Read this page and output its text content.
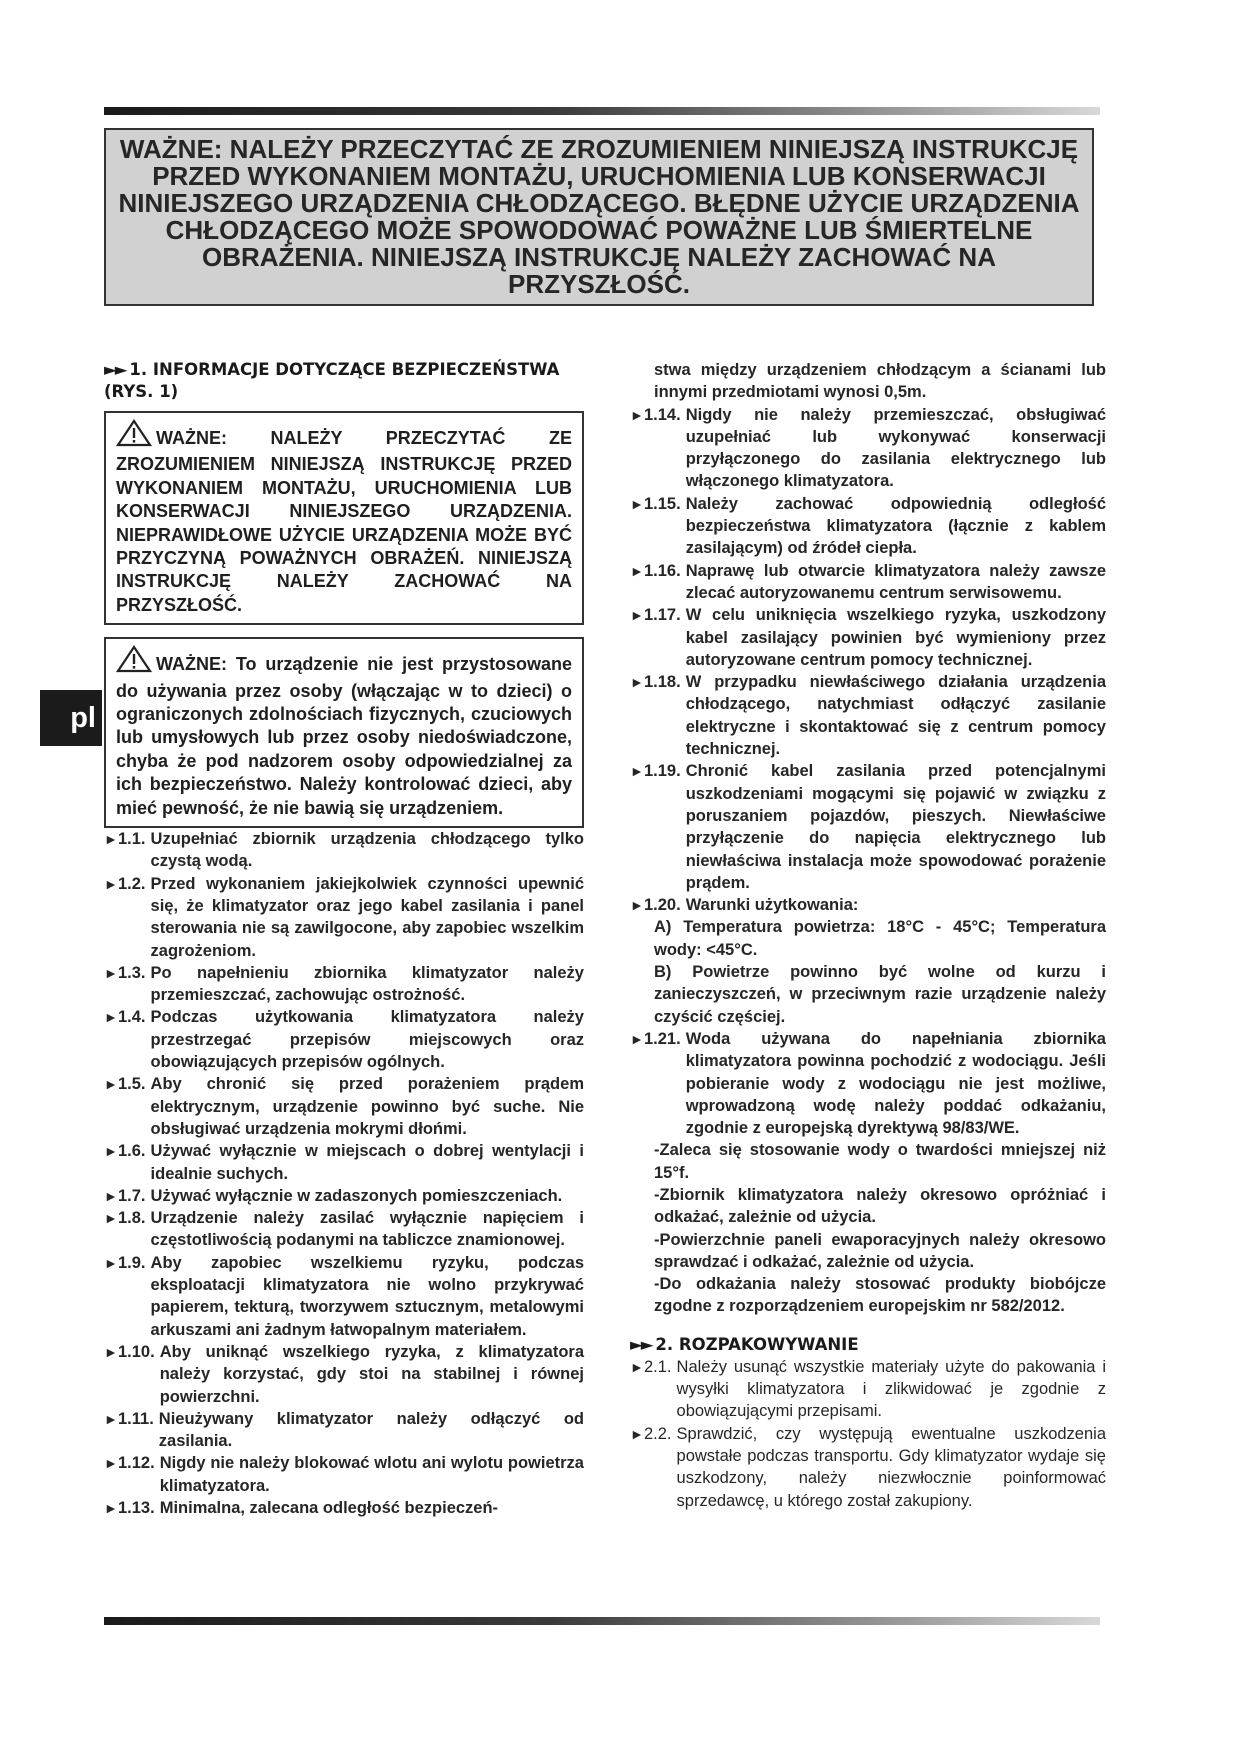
WAŻNE: NALEŻY PRZECZYTAĆ ZE ZROZUMIENIEM NINIEJSZĄ INSTRUKCJĘ PRZED WYKONANIEM MONTAŻU, URUCHOMIENIA LUB KONSERWACJI NINIEJSZEGO URZĄDZENIA CHŁODZĄCEGO. BŁĘDNE UŻYCIE URZĄDZENIA CHŁODZĄCEGO MOŻE SPOWODOWAĆ POWAŻNE LUB ŚMIERTELNE OBRAŻENIA. NINIEJSZĄ INSTRUKCJĘ NALEŻY ZACHOWAĆ NA PRZYSZŁOŚĆ.
pl
►► 1. INFORMACJE DOTYCZĄCE BEZPIECZEŃSTWA
(RYS. 1)
WAŻNE: NALEŻY PRZECZYTAĆ ZE ZROZUMIENIEM NINIEJSZĄ INSTRUKCJĘ PRZED WYKONANIEM MONTAŻU, URUCHOMIENIA LUB KONSERWACJI NINIEJSZEGO URZĄDZENIA. NIEPRAWIDŁOWE UŻYCIE URZĄDZENIA MOŻE BYĆ PRZYCZYNĄ POWAŻNYCH OBRAŻEŃ. NINIEJSZĄ INSTRUKCJĘ NALEŻY ZACHOWAĆ NA PRZYSZŁOŚĆ.
WAŻNE: To urządzenie nie jest przystosowane do używania przez osoby (włączając w to dzieci) o ograniczonych zdolnościach fizycznych, czuciowych lub umysłowych lub przez osoby niedoświadczone, chyba że pod nadzorem osoby odpowiedzialnej za ich bezpieczeństwo. Należy kontrolować dzieci, aby mieć pewność, że nie bawią się urządzeniem.
► 1.1. Uzupełniać zbiornik urządzenia chłodzącego tylko czystą wodą.
► 1.2. Przed wykonaniem jakiejkolwiek czynności upewnić się, że klimatyzator oraz jego kabel zasilania i panel sterowania nie są zawilgocone, aby zapobiec wszelkim zagrożeniom.
► 1.3. Po napełnieniu zbiornika klimatyzator należy przemieszczać, zachowując ostrożność.
► 1.4. Podczas użytkowania klimatyzatora należy przestrzegać przepisów miejscowych oraz obowiązujących przepisów ogólnych.
► 1.5. Aby chronić się przed porażeniem prądem elektrycznym, urządzenie powinno być suche. Nie obsługiwać urządzenia mokrymi dłońmi.
► 1.6. Używać wyłącznie w miejscach o dobrej wentylacji i idealnie suchych.
► 1.7. Używać wyłącznie w zadaszonych pomieszczeniach.
► 1.8. Urządzenie należy zasilać wyłącznie napięciem i częstotliwością podanymi na tabliczce znamionowej.
► 1.9. Aby zapobiec wszelkiemu ryzyku, podczas eksploatacji klimatyzatora nie wolno przykrywać papierem, tekturą, tworzywem sztucznym, metalowymi arkuszami ani żadnym łatwopalnym materiałem.
► 1.10. Aby uniknąć wszelkiego ryzyka, z klimatyzatora należy korzystać, gdy stoi na stabilnej i równej powierzchni.
► 1.11. Nieużywany klimatyzator należy odłączyć od zasilania.
► 1.12. Nigdy nie należy blokować wlotu ani wylotu powietrza klimatyzatora.
► 1.13. Minimalna, zalecana odległość bezpieczeń-
stwa między urządzeniem chłodzącym a ścianami lub innymi przedmiotami wynosi 0,5m.
► 1.14. Nigdy nie należy przemieszczać, obsługiwać uzupełniać lub wykonywać konserwacji przyłączonego do zasilania elektrycznego lub włączonego klimatyzatora.
► 1.15. Należy zachować odpowiednią odległość bezpieczeństwa klimatyzatora (łącznie z kablem zasilającym) od źródeł ciepła.
► 1.16. Naprawę lub otwarcie klimatyzatora należy zawsze zlecać autoryzowanemu centrum serwisowemu.
► 1.17. W celu uniknięcia wszelkiego ryzyka, uszkodzony kabel zasilający powinien być wymieniony przez autoryzowane centrum pomocy technicznej.
► 1.18. W przypadku niewłaściwego działania urządzenia chłodzącego, natychmiast odłączyć zasilanie elektryczne i skontaktować się z centrum pomocy technicznej.
► 1.19. Chronić kabel zasilania przed potencjalnymi uszkodzeniami mogącymi się pojawić w związku z poruszaniem pojazdów, pieszych. Niewłaściwe przyłączenie do napięcia elektrycznego lub niewłaściwa instalacja może spowodować porażenie prądem.
► 1.20. Warunki użytkowania:
A) Temperatura powietrza: 18°C - 45°C; Temperatura wody: <45°C.
B) Powietrze powinno być wolne od kurzu i zanieczyszczeń, w przeciwnym razie urządzenie należy czyścić częściej.
► 1.21. Woda używana do napełniania zbiornika klimatyzatora powinna pochodzić z wodociągu. Jeśli pobieranie wody z wodociągu nie jest możliwe, wprowadzoną wodę należy poddać odkażaniu, zgodnie z europejską dyrektywą 98/83/WE.
-Zaleca się stosowanie wody o twardości mniejszej niż 15°f.
-Zbiornik klimatyzatora należy okresowo opróżniać i odkażać, zależnie od użycia.
-Powierzchnie paneli ewaporacyjnych należy okresowo sprawdzać i odkażać, zależnie od użycia.
-Do odkażania należy stosować produkty biobójcze zgodne z rozporządzeniem europejskim nr 582/2012.
►► 2. ROZPAKOWYWANIE
► 2.1. Należy usunąć wszystkie materiały użyte do pakowania i wysyłki klimatyzatora i zlikwidować je zgodnie z obowiązującymi przepisami.
► 2.2. Sprawdzić, czy występują ewentualne uszkodzenia powstałe podczas transportu. Gdy klimatyzator wydaje się uszkodzony, należy niezwłocznie poinformować sprzedawcę, u którego został zakupiony.
